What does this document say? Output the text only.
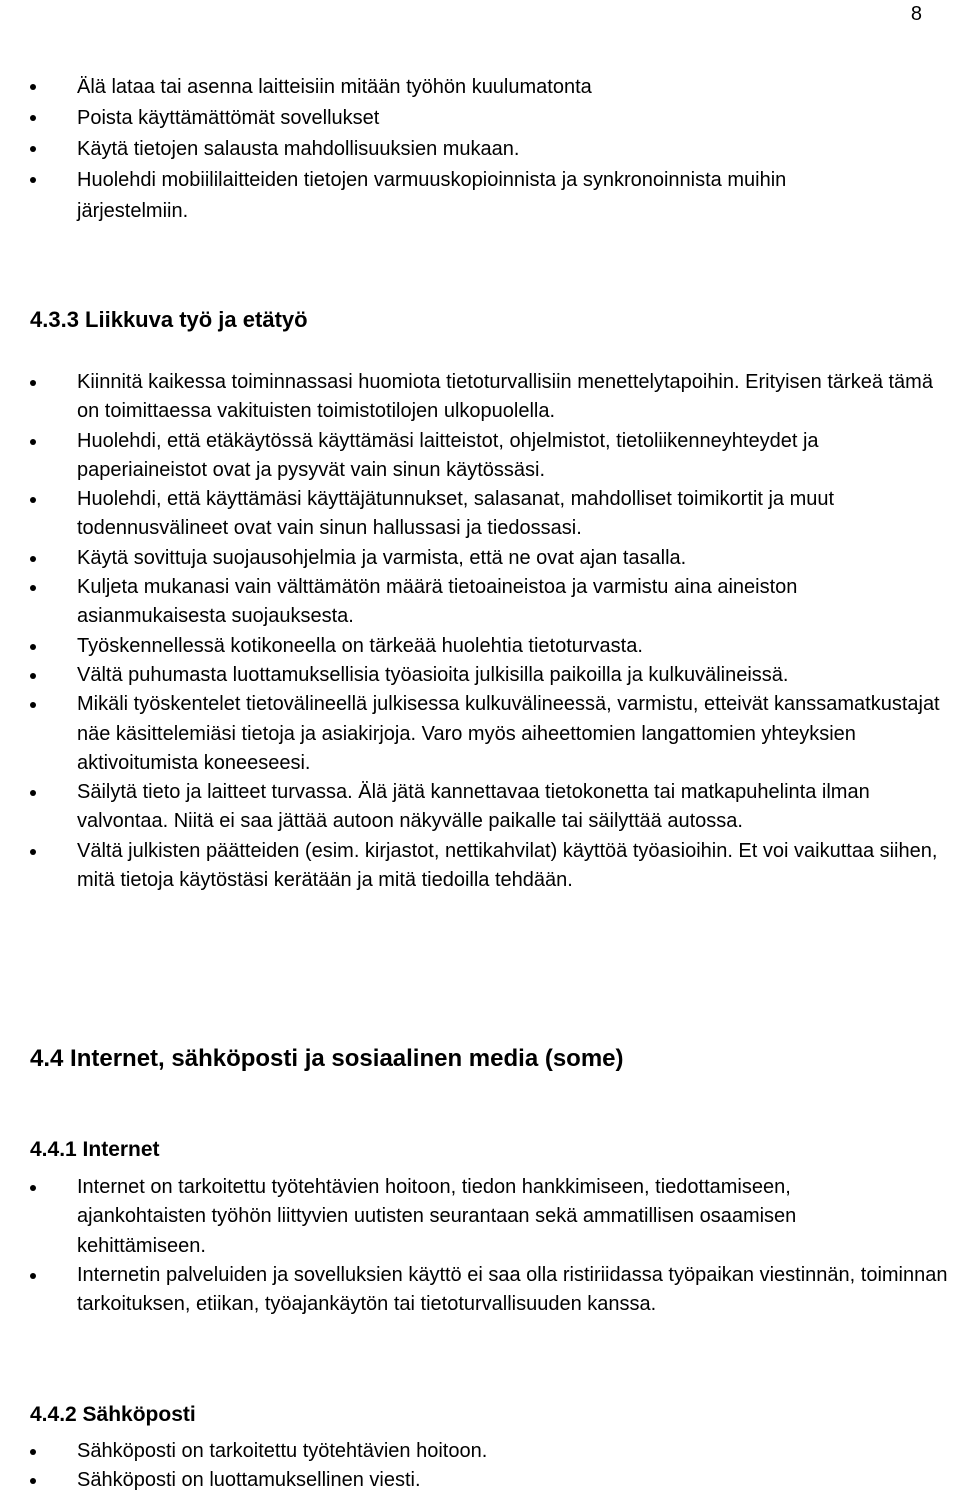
8
Älä lataa tai asenna laitteisiin mitään työhön kuulumatonta
Poista käyttämättömät sovellukset
Käytä tietojen salausta mahdollisuuksien mukaan.
Huolehdi mobiililaitteiden tietojen varmuuskopioinnista ja synkronoinnista muihin järjestelmiin.
4.3.3 Liikkuva työ ja etätyö
Kiinnitä kaikessa toiminnassasi huomiota tietoturvallisiin menettelytapoihin. Erityisen tärkeä tämä on toimittaessa vakituisten toimistotilojen ulkopuolella.
Huolehdi, että etäkäytössä käyttämäsi laitteistot, ohjelmistot, tietoliikenneyhteydet ja paperiaineistot ovat ja pysyvät vain sinun käytössäsi.
Huolehdi, että käyttämäsi käyttäjätunnukset, salasanat, mahdolliset toimikortit ja muut todennusvälineet ovat vain sinun hallussasi ja tiedossasi.
Käytä sovittuja suojausohjelmia ja varmista, että ne ovat ajan tasalla.
Kuljeta mukanasi vain välttämätön määrä tietoaineistoa ja varmistu aina aineiston asianmukaisesta suojauksesta.
Työskennellessä kotikoneella on tärkeää huolehtia tietoturvasta.
Vältä puhumasta luottamuksellisia työasioita julkisilla paikoilla ja kulkuvälineissä.
Mikäli työskentelet tietovälineellä julkisessa kulkuvälineessä, varmistu, etteivät kanssamatkustajat näe käsittelemiäsi tietoja ja asiakirjoja. Varo myös aiheettomien langattomien yhteyksien aktivoitumista koneeseesi.
Säilytä tieto ja laitteet turvassa. Älä jätä kannettavaa tietokonetta tai matkapuhelinta ilman valvontaa. Niitä ei saa jättää autoon näkyvälle paikalle tai säilyttää autossa.
Vältä julkisten päätteiden (esim. kirjastot, nettikahvilat) käyttöä työasioihin. Et voi vaikuttaa siihen, mitä tietoja käytöstäsi kerätään ja mitä tiedoilla tehdään.
4.4 Internet, sähköposti ja sosiaalinen media (some)
4.4.1 Internet
Internet on tarkoitettu työtehtävien hoitoon, tiedon hankkimiseen, tiedottamiseen, ajankohtaisten työhön liittyvien uutisten seurantaan sekä ammatillisen osaamisen kehittämiseen.
Internetin palveluiden ja sovelluksien käyttö ei saa olla ristiriidassa työpaikan viestinnän, toiminnan tarkoituksen, etiikan, työajankäytön tai tietoturvallisuuden kanssa.
4.4.2 Sähköposti
Sähköposti on tarkoitettu työtehtävien hoitoon.
Sähköposti on luottamuksellinen viesti.
